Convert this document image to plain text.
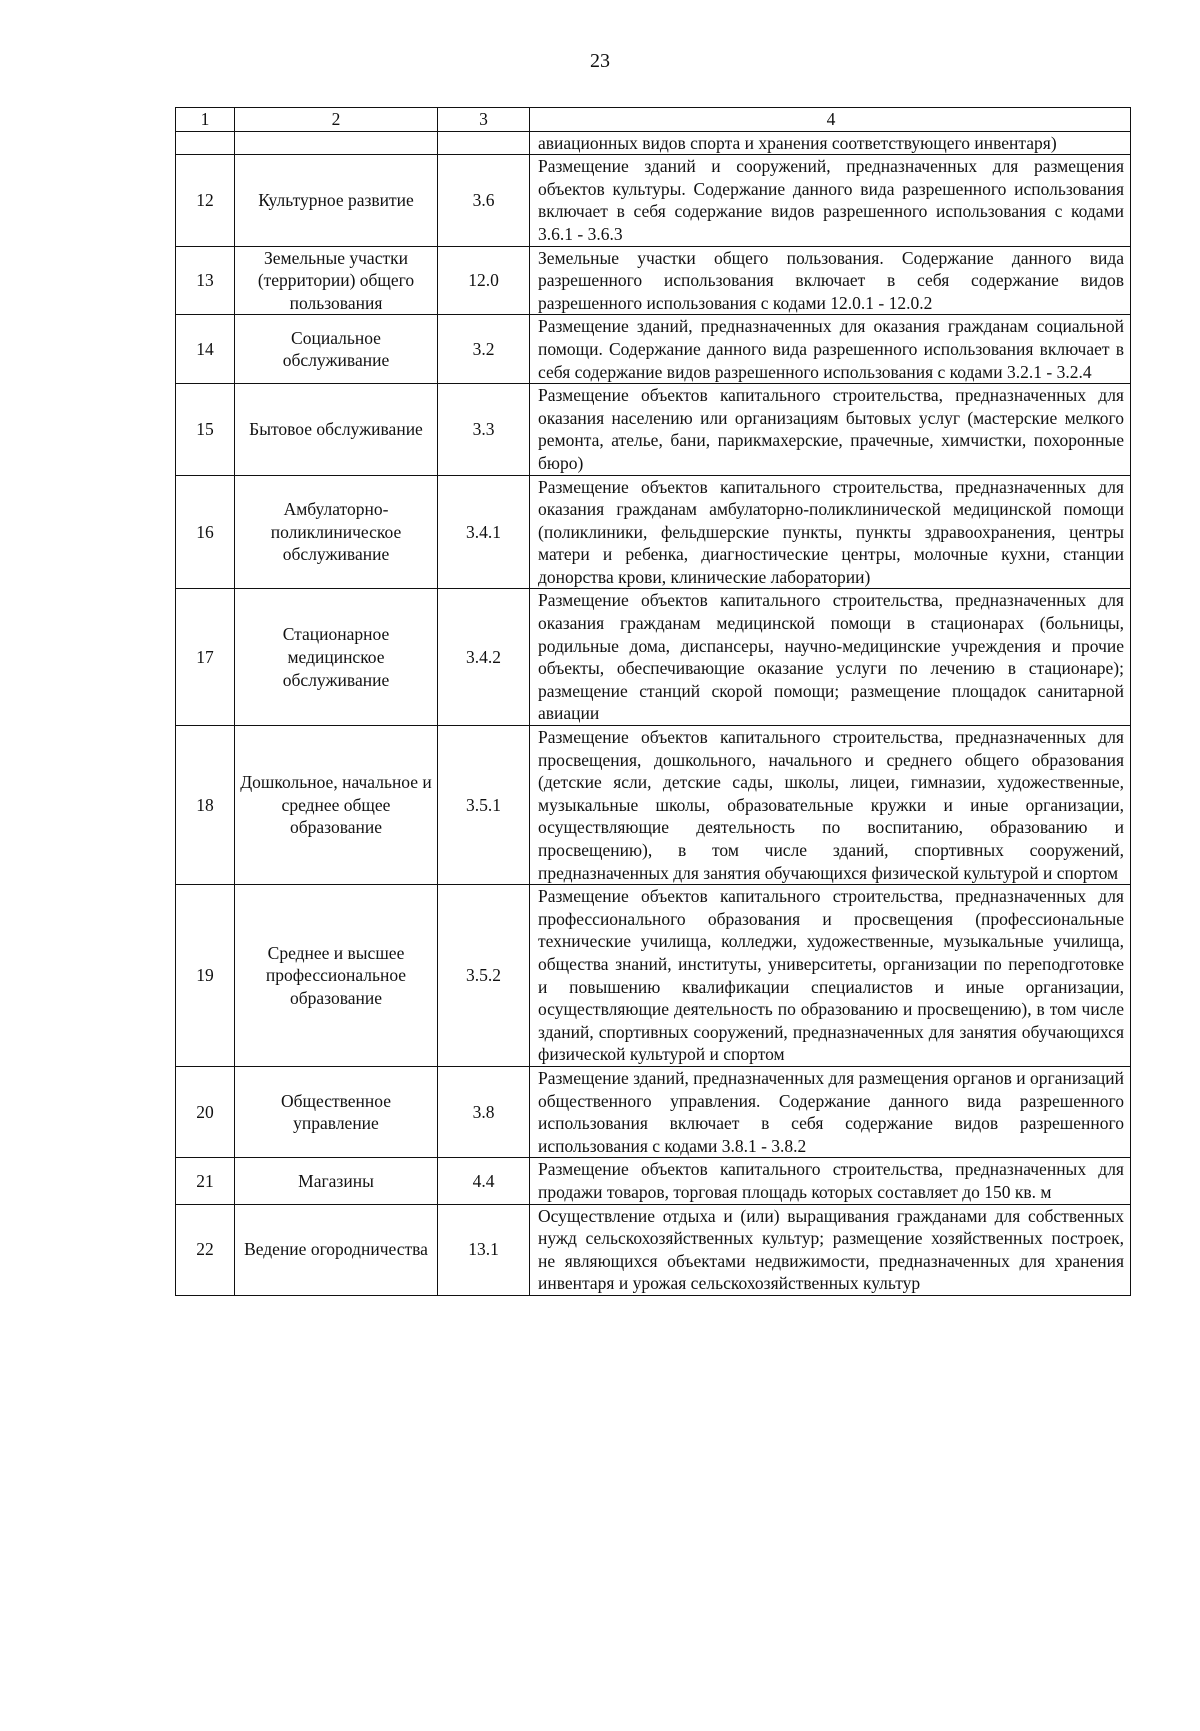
23
1	2	3	4
			авиационных видов спорта и хранения соответствующего инвентаря)
12	Культурное развитие	3.6	Размещение зданий и сооружений, предназначенных для размещения объектов культуры. Содержание данного вида разрешенного использования включает в себя содержание видов разрешенного использования с кодами 3.6.1 - 3.6.3
13	Земельные участки (территории) общего пользования	12.0	Земельные участки общего пользования. Содержание данного вида разрешенного использования включает в себя содержание видов разрешенного использования с кодами 12.0.1 - 12.0.2
14	Социальное обслуживание	3.2	Размещение зданий, предназначенных для оказания гражданам социальной помощи. Содержание данного вида разрешенного использования включает в себя содержание видов разрешенного использования с кодами 3.2.1 - 3.2.4
15	Бытовое обслуживание	3.3	Размещение объектов капитального строительства, предназначенных для оказания населению или организациям бытовых услуг (мастерские мелкого ремонта, ателье, бани, парикмахерские, прачечные, химчистки, похоронные бюро)
16	Амбулаторно-поликлиническое обслуживание	3.4.1	Размещение объектов капитального строительства, предназначенных для оказания гражданам амбулаторно-поликлинической медицинской помощи (поликлиники, фельдшерские пункты, пункты здравоохранения, центры матери и ребенка, диагностические центры, молочные кухни, станции донорства крови, клинические лаборатории)
17	Стационарное медицинское обслуживание	3.4.2	Размещение объектов капитального строительства, предназначенных для оказания гражданам медицинской помощи в стационарах (больницы, родильные дома, диспансеры, научно-медицинские учреждения и прочие объекты, обеспечивающие оказание услуги по лечению в стационаре); размещение станций скорой помощи; размещение площадок санитарной авиации
18	Дошкольное, начальное и среднее общее образование	3.5.1	Размещение объектов капитального строительства, предназначенных для просвещения, дошкольного, начального и среднего общего образования (детские ясли, детские сады, школы, лицеи, гимназии, художественные, музыкальные школы, образовательные кружки и иные организации, осуществляющие деятельность по воспитанию, образованию и просвещению), в том числе зданий, спортивных сооружений, предназначенных для занятия обучающихся физической культурой и спортом
19	Среднее и высшее профессиональное образование	3.5.2	Размещение объектов капитального строительства, предназначенных для профессионального образования и просвещения (профессиональные технические училища, колледжи, художественные, музыкальные училища, общества знаний, институты, университеты, организации по переподготовке и повышению квалификации специалистов и иные организации, осуществляющие деятельность по образованию и просвещению), в том числе зданий, спортивных сооружений, предназначенных для занятия обучающихся физической культурой и спортом
20	Общественное управление	3.8	Размещение зданий, предназначенных для размещения органов и организаций общественного управления. Содержание данного вида разрешенного использования включает в себя содержание видов разрешенного использования с кодами 3.8.1 - 3.8.2
21	Магазины	4.4	Размещение объектов капитального строительства, предназначенных для продажи товаров, торговая площадь которых составляет до 150 кв. м
22	Ведение огородничества	13.1	Осуществление отдыха и (или) выращивания гражданами для собственных нужд сельскохозяйственных культур; размещение хозяйственных построек, не являющихся объектами недвижимости, предназначенных для хранения инвентаря и урожая сельскохозяйственных культур
